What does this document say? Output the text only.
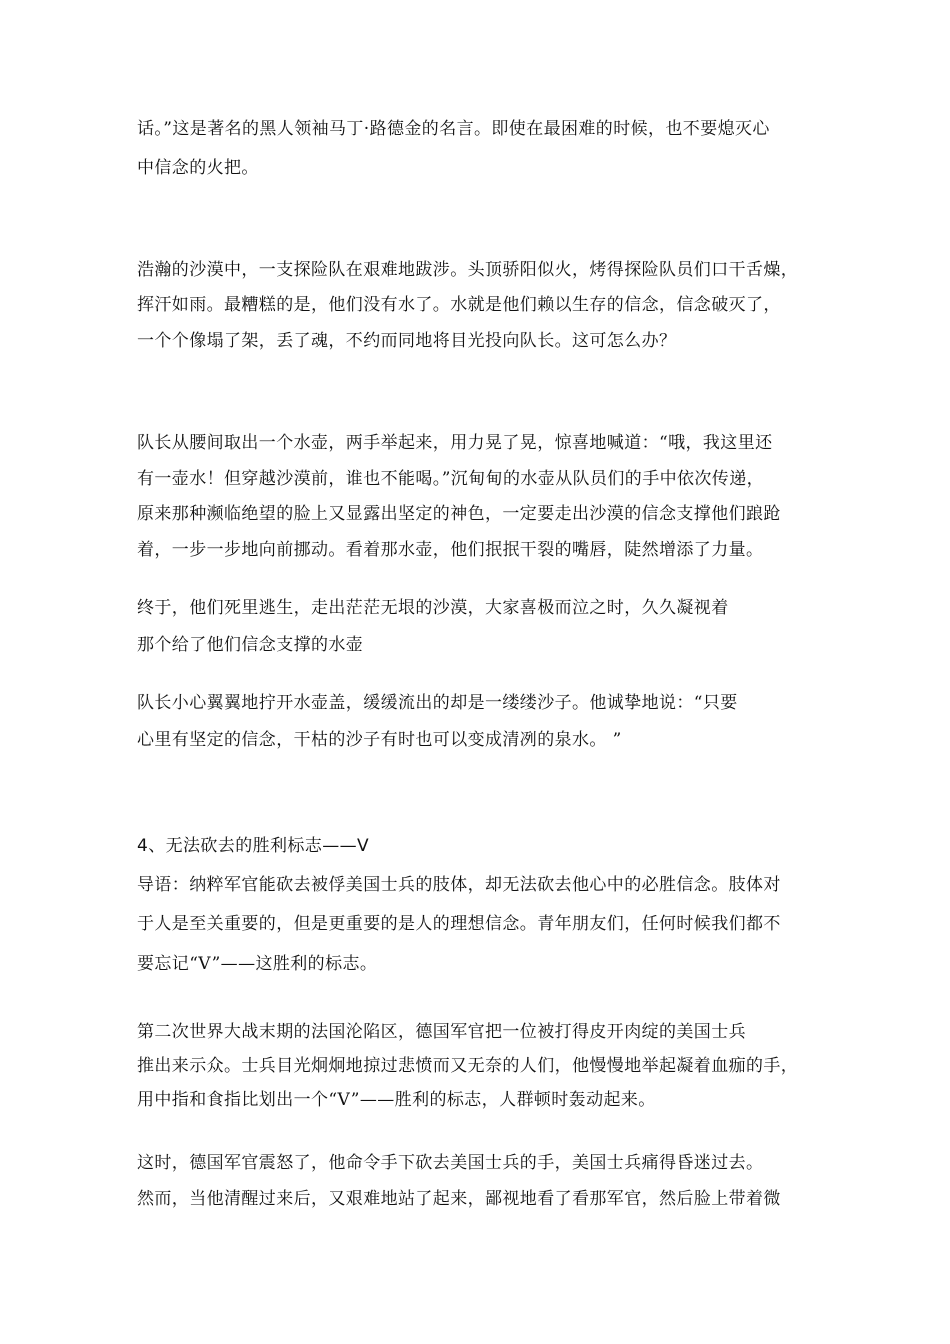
话。”这是著名的黑人领袖马丁·路德金的名言。即使在最困难的时候，也不要熄灭心
中信念的火把。
浩瀚的沙漠中，一支探险队在艰难地跋涉。头顶骄阳似火，烤得探险队员们口干舌燥，
挥汗如雨。最糟糕的是，他们没有水了。水就是他们赖以生存的信念，信念破灭了，
一个个像塌了架，丢了魂，不约而同地将目光投向队长。这可怎么办？
队长从腰间取出一个水壶，两手举起来，用力晃了晃，惊喜地喊道：“哦，我这里还
有一壶水！但穿越沙漠前，谁也不能喝。”沉甸甸的水壶从队员们的手中依次传递，
原来那种濒临绝望的脸上又显露出坚定的神色，一定要走出沙漠的信念支撑他们踉跄
着，一步一步地向前挪动。看着那水壶，他们抿抿干裂的嘴唇，陡然增添了力量。
终于，他们死里逃生，走出茫茫无垠的沙漠，大家喜极而泣之时，久久凝视着
那个给了他们信念支撑的水壶
队长小心翼翼地拧开水壶盖，缓缓流出的却是一缕缕沙子。他诚挚地说：“只要
心里有坚定的信念，干枯的沙子有时也可以变成清冽的泉水。 ”
4、无法砍去的胜利标志——V
导语：纳粹军官能砍去被俘美国士兵的肢体，却无法砍去他心中的必胜信念。肢体对
于人是至关重要的，但是更重要的是人的理想信念。青年朋友们，任何时候我们都不
要忘记“V”——这胜利的标志。
第二次世界大战末期的法国沦陷区，德国军官把一位被打得皮开肉绽的美国士兵
推出来示众。士兵目光炯炯地掠过悲愤而又无奈的人们，他慢慢地举起凝着血痂的手，
用中指和食指比划出一个“V”——胜利的标志，人群顿时轰动起来。
这时，德国军官震怒了，他命令手下砍去美国士兵的手，美国士兵痛得昏迷过去。
然而，当他清醒过来后，又艰难地站了起来，鄙视地看了看那军官，然后脸上带着微
